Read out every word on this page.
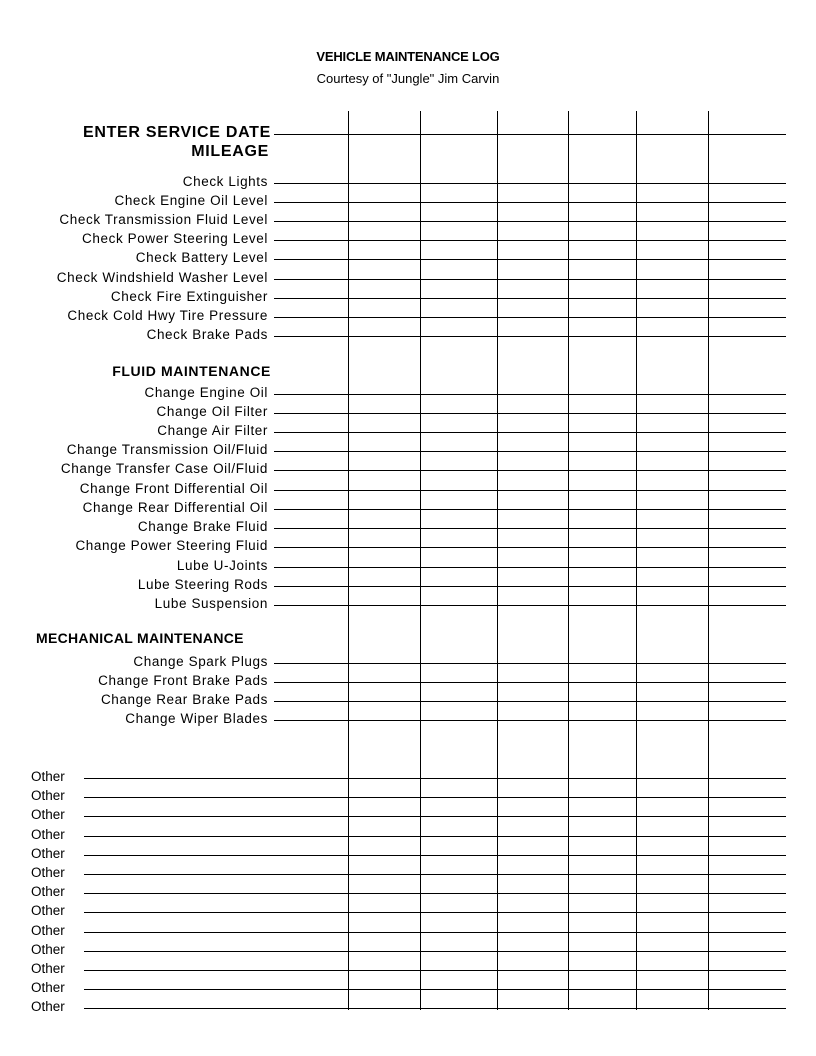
VEHICLE MAINTENANCE LOG
Courtesy of "Jungle" Jim Carvin
ENTER SERVICE DATE
MILEAGE
Check Lights
Check Engine Oil Level
Check Transmission Fluid Level
Check Power Steering Level
Check Battery Level
Check Windshield Washer Level
Check Fire Extinguisher
Check Cold Hwy Tire Pressure
Check Brake Pads
FLUID MAINTENANCE
Change Engine Oil
Change Oil Filter
Change Air Filter
Change Transmission Oil/Fluid
Change Transfer Case Oil/Fluid
Change Front Differential Oil
Change Rear Differential Oil
Change Brake Fluid
Change Power Steering Fluid
Lube U-Joints
Lube Steering Rods
Lube Suspension
MECHANICAL MAINTENANCE
Change Spark Plugs
Change Front Brake Pads
Change Rear Brake Pads
Change Wiper Blades
Other
Other
Other
Other
Other
Other
Other
Other
Other
Other
Other
Other
Other
